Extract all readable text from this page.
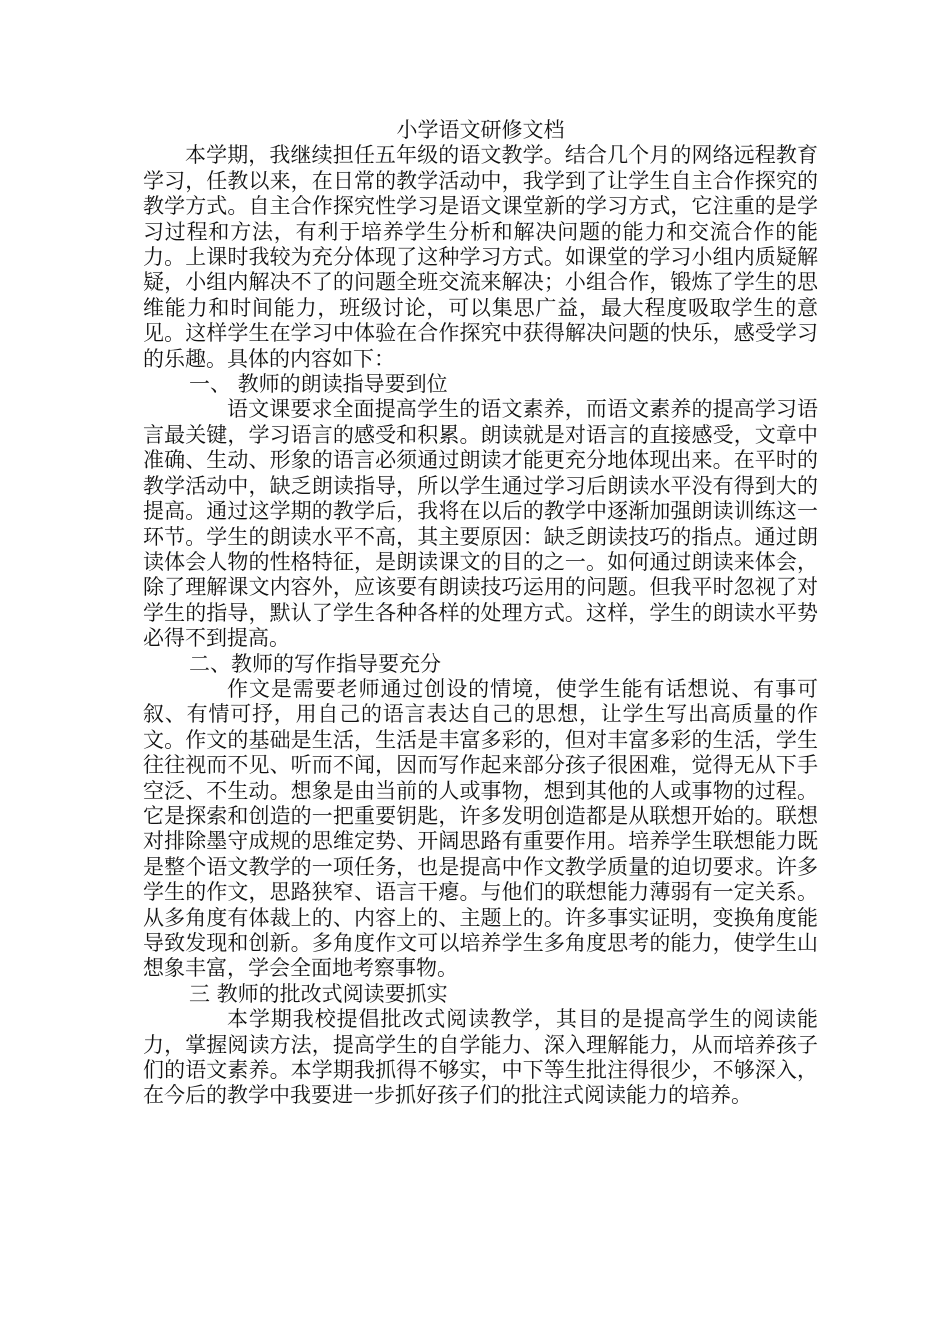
小学语文研修文档

本学期，我继续担任五年级的语文教学。结合几个月的网络远程教育学习，任教以来，在日常的教学活动中，我学到了让学生自主合作探究的教学方式。自主合作探究性学习是语文课堂新的学习方式，它注重的是学习过程和方法，有利于培养学生分析和解决问题的能力和交流合作的能力。上课时我较为充分体现了这种学习方式。如课堂的学习小组内质疑解疑，小组内解决不了的问题全班交流来解决；小组合作，锻炼了学生的思维能力和时间能力，班级讨论，可以集思广益，最大程度吸取学生的意见。这样学生在学习中体验在合作探究中获得解决问题的快乐，感受学习的乐趣。具体的内容如下：

一、 教师的朗读指导要到位

语文课要求全面提高学生的语文素养，而语文素养的提高学习语言最关键，学习语言的感受和积累。朗读就是对语言的直接感受，文章中准确、生动、形象的语言必须通过朗读才能更充分地体现出来。在平时的教学活动中，缺乏朗读指导，所以学生通过学习后朗读水平没有得到大的提高。通过这学期的教学后，我将在以后的教学中逐渐加强朗读训练这一环节。学生的朗读水平不高，其主要原因：缺乏朗读技巧的指点。通过朗读体会人物的性格特征，是朗读课文的目的之一。如何通过朗读来体会，除了理解课文内容外，应该要有朗读技巧运用的问题。但我平时忽视了对学生的指导，默认了学生各种各样的处理方式。这样，学生的朗读水平势必得不到提高。

二、教师的写作指导要充分

作文是需要老师通过创设的情境，使学生能有话想说、有事可叙、有情可抒，用自己的语言表达自己的思想，让学生写出高质量的作文。作文的基础是生活，生活是丰富多彩的，但对丰富多彩的生活，学生往往视而不见、听而不闻，因而写作起来部分孩子很困难，觉得无从下手空泛、不生动。想象是由当前的人或事物，想到其他的人或事物的过程。它是探索和创造的一把重要钥匙，许多发明创造都是从联想开始的。联想对排除墨守成规的思维定势、开阔思路有重要作用。培养学生联想能力既是整个语文教学的一项任务，也是提高中作文教学质量的迫切要求。许多学生的作文，思路狭窄、语言干瘪。与他们的联想能力薄弱有一定关系。从多角度有体裁上的、内容上的、主题上的。许多事实证明，变换角度能导致发现和创新。多角度作文可以培养学生多角度思考的能力，使学生山想象丰富，学会全面地考察事物。

三 教师的批改式阅读要抓实

本学期我校提倡批改式阅读教学，其目的是提高学生的阅读能力，掌握阅读方法，提高学生的自学能力、深入理解能力，从而培养孩子们的语文素养。本学期我抓得不够实，中下等生批注得很少，不够深入，在今后的教学中我要进一步抓好孩子们的批注式阅读能力的培养。
